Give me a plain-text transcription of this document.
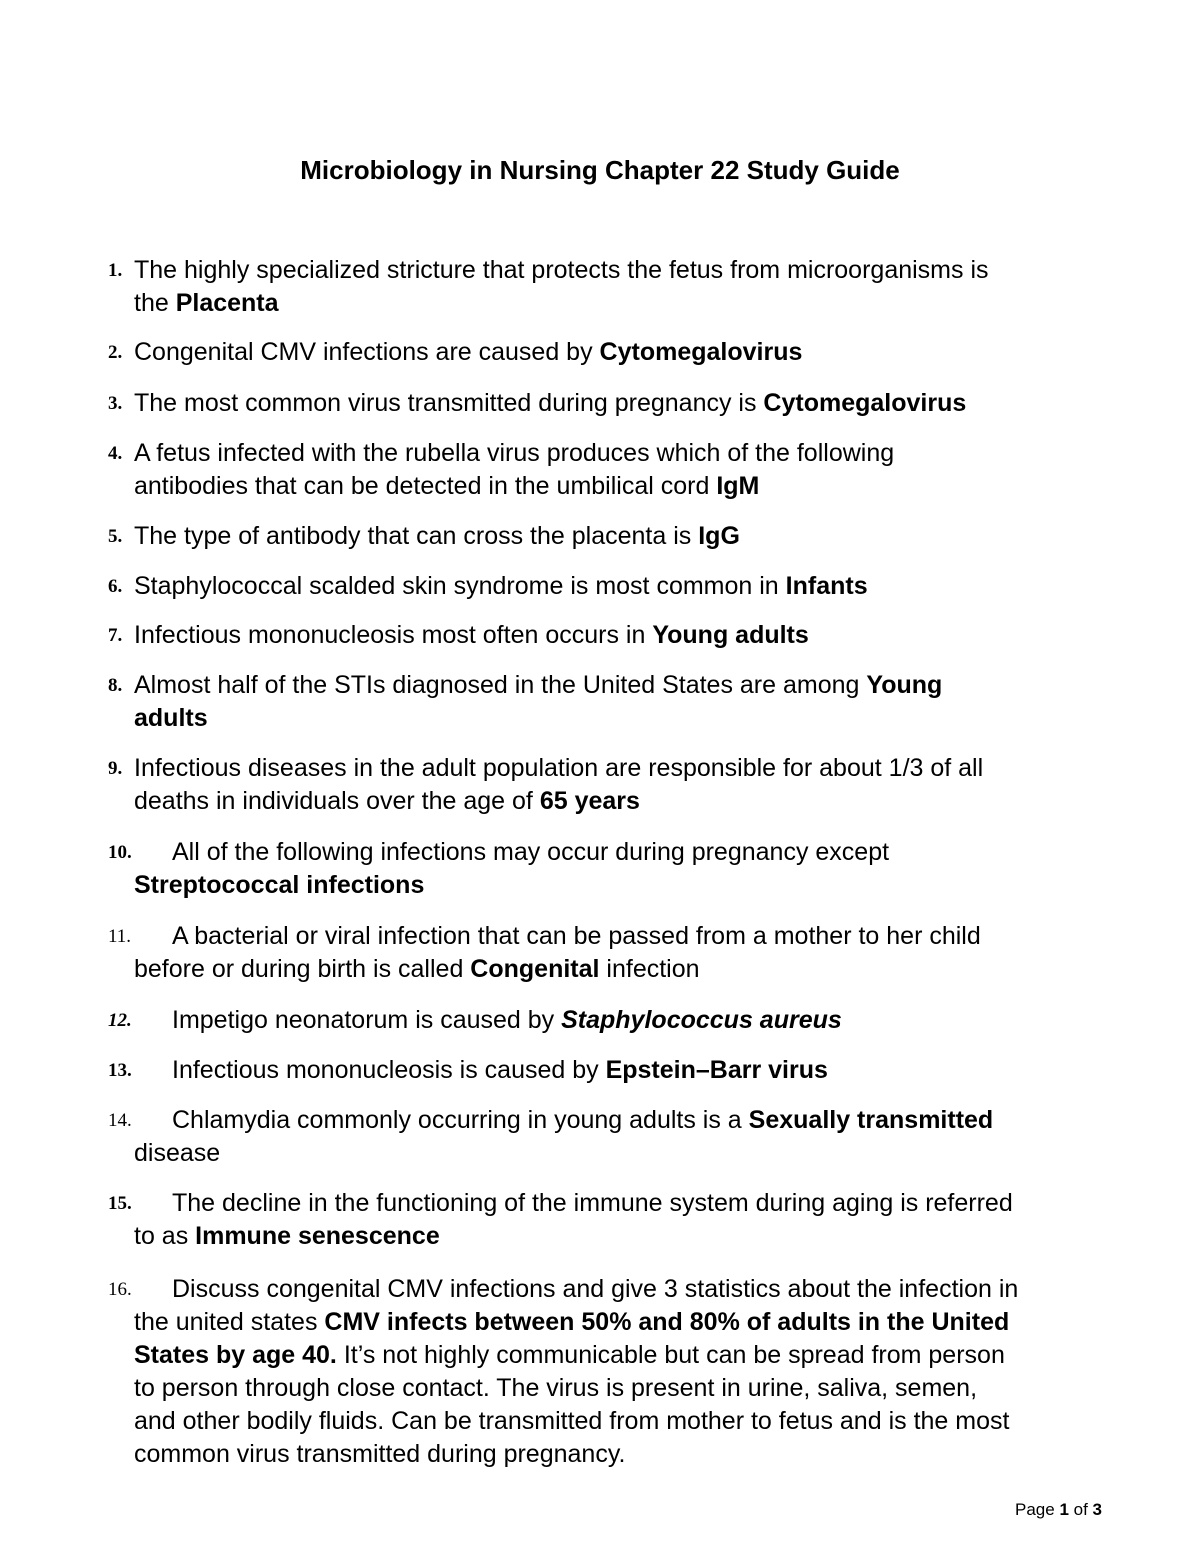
Microbiology in Nursing Chapter 22 Study Guide
1. The highly specialized stricture that protects the fetus from microorganisms is
the Placenta
2. Congenital CMV infections are caused by Cytomegalovirus
3. The most common virus transmitted during pregnancy is Cytomegalovirus
4. A fetus infected with the rubella virus produces which of the following
antibodies that can be detected in the umbilical cord IgM
5. The type of antibody that can cross the placenta is IgG
6. Staphylococcal scalded skin syndrome is most common in Infants
7. Infectious mononucleosis most often occurs in Young adults
8. Almost half of the STIs diagnosed in the United States are among Young
adults
9. Infectious diseases in the adult population are responsible for about 1/3 of all
deaths in individuals over the age of 65 years
10. All of the following infections may occur during pregnancy except
Streptococcal infections
11. A bacterial or viral infection that can be passed from a mother to her child
before or during birth is called Congenital infection
12. Impetigo neonatorum is caused by Staphylococcus aureus
13. Infectious mononucleosis is caused by Epstein–Barr virus
14. Chlamydia commonly occurring in young adults is a Sexually transmitted
disease
15. The decline in the functioning of the immune system during aging is referred
to as Immune senescence
16. Discuss congenital CMV infections and give 3 statistics about the infection in
the united states CMV infects between 50% and 80% of adults in the United
States by age 40. It’s not highly communicable but can be spread from person
to person through close contact. The virus is present in urine, saliva, semen,
and other bodily fluids. Can be transmitted from mother to fetus and is the most
common virus transmitted during pregnancy.
Page 1 of 3
